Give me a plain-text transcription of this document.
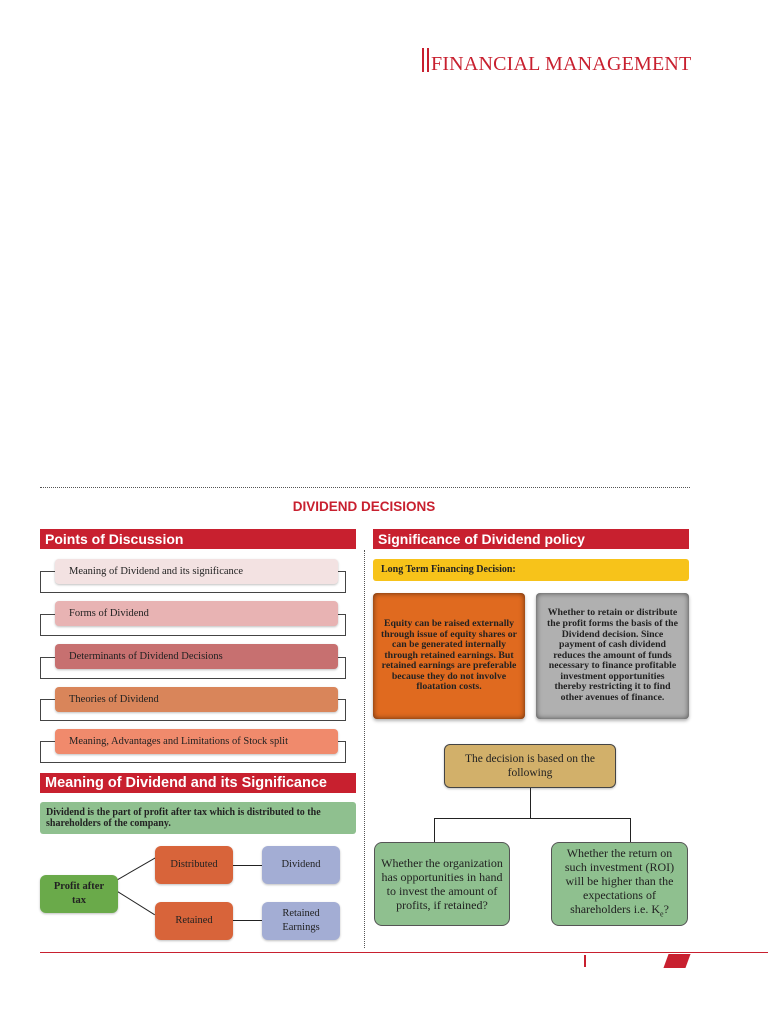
FINANCIAL MANAGEMENT
DIVIDEND DECISIONS
Points of Discussion
Meaning of Dividend and its significance
Forms of Dividend
Determinants of Dividend Decisions
Theories of Dividend
Meaning, Advantages and Limitations of Stock split
Meaning of Dividend and its Significance
Dividend is the part of profit after tax which is distributed to the shareholders of the company.
Profit after tax
Distributed
Retained
Dividend
Retained Earnings
Significance of Dividend policy
Long Term Financing Decision:
Equity can be raised externally through issue of equity shares or can be generated internally through retained earnings. But retained earnings are preferable because they do not involve floatation costs.
Whether to retain or distribute the profit forms the basis of the Dividend decision. Since payment of cash dividend reduces the amount of funds necessary to finance profitable investment opportunities thereby restricting it to find other avenues of finance.
The decision is based on the following
Whether the organization has opportunities in hand to invest the amount of profits, if retained?
Whether the return on such investment (ROI) will be higher than the expectations of shareholders i.e. $K_e$?
